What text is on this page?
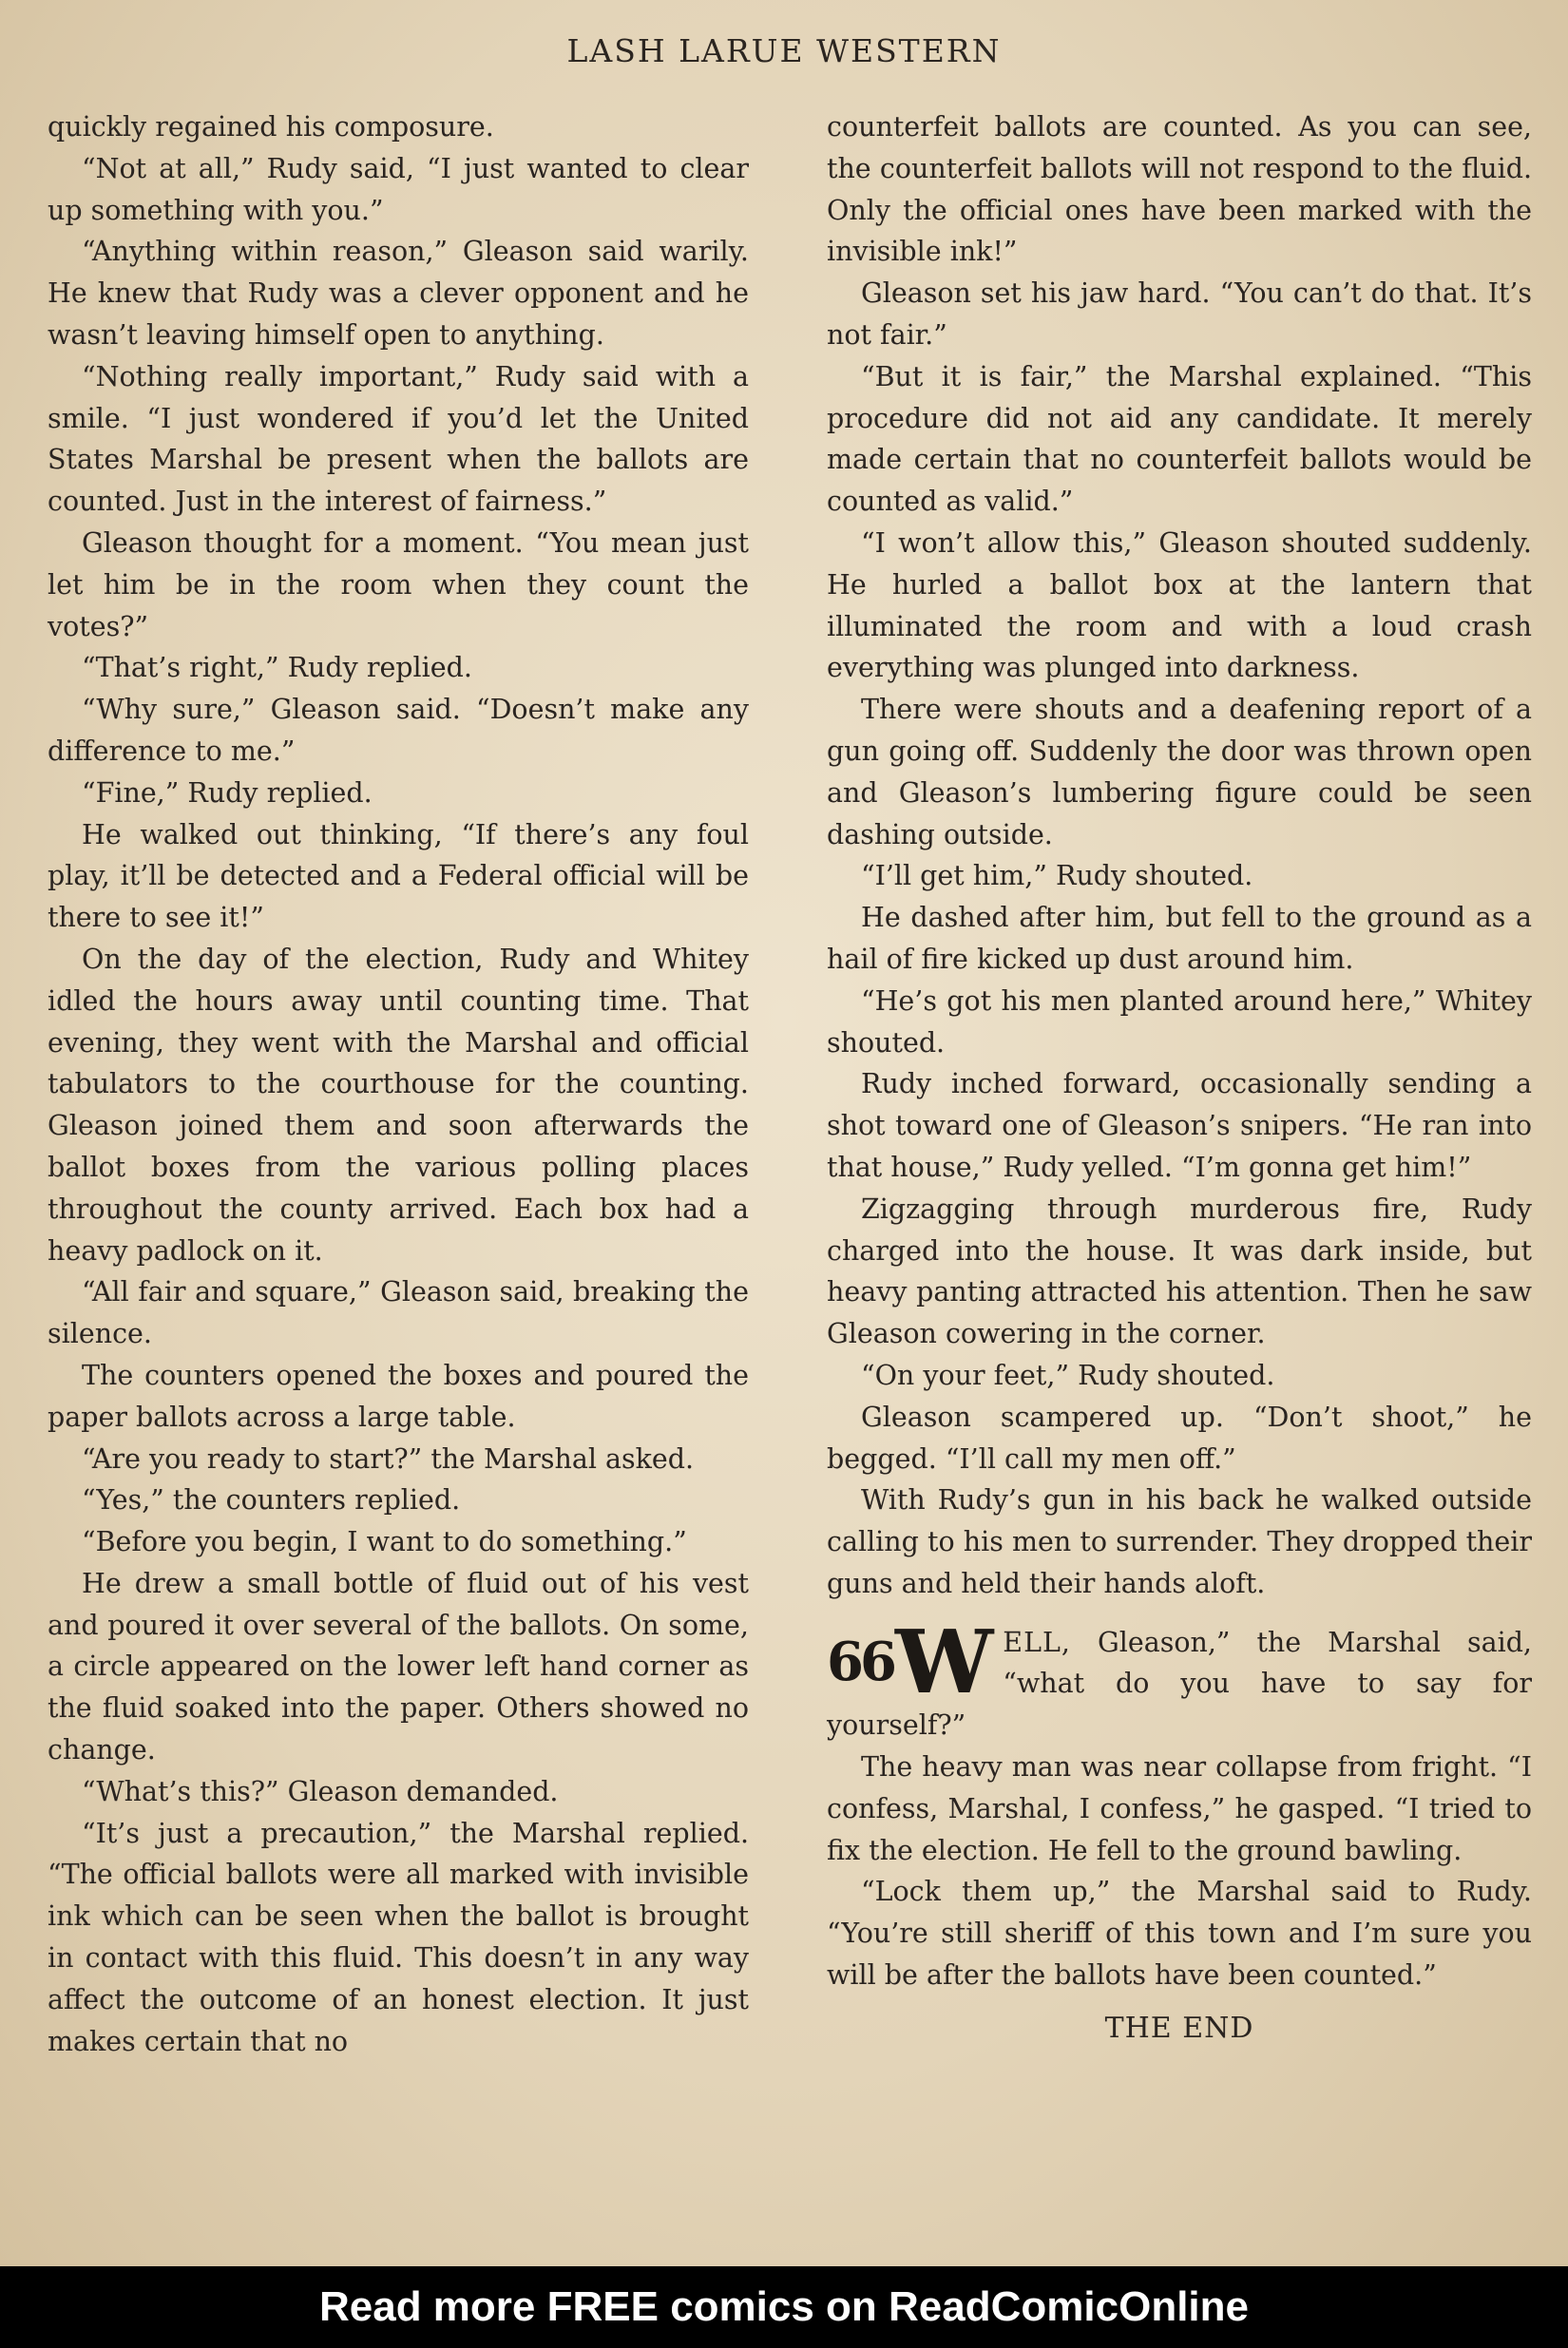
LASH LARUE WESTERN

quickly regained his composure.

“Not at all,” Rudy said, “I just wanted to clear up something with you.”

“Anything within reason,” Gleason said warily. He knew that Rudy was a clever opponent and he wasn’t leaving himself open to anything.

“Nothing really important,” Rudy said with a smile. “I just wondered if you’d let the United States Marshal be present when the ballots are counted. Just in the interest of fairness.”

Gleason thought for a moment. “You mean just let him be in the room when they count the votes?”

“That’s right,” Rudy replied.

“Why sure,” Gleason said. “Doesn’t make any difference to me.”

“Fine,” Rudy replied.

He walked out thinking, “If there’s any foul play, it’ll be detected and a Federal official will be there to see it!”

On the day of the election, Rudy and Whitey idled the hours away until counting time. That evening, they went with the Marshal and official tabulators to the courthouse for the counting. Gleason joined them and soon afterwards the ballot boxes from the various polling places throughout the county arrived. Each box had a heavy padlock on it.

“All fair and square,” Gleason said, breaking the silence.

The counters opened the boxes and poured the paper ballots across a large table.

“Are you ready to start?” the Marshal asked.

“Yes,” the counters replied.

“Before you begin, I want to do something.”

He drew a small bottle of fluid out of his vest and poured it over several of the ballots. On some, a circle appeared on the lower left hand corner as the fluid soaked into the paper. Others showed no change.

“What’s this?” Gleason demanded.

“It’s just a precaution,” the Marshal replied. “The official ballots were all marked with invisible ink which can be seen when the ballot is brought in contact with this fluid. This doesn’t in any way affect the outcome of an honest election. It just makes certain that no

counterfeit ballots are counted. As you can see, the counterfeit ballots will not respond to the fluid. Only the official ones have been marked with the invisible ink!”

Gleason set his jaw hard. “You can’t do that. It’s not fair.”

“But it is fair,” the Marshal explained. “This procedure did not aid any candidate. It merely made certain that no counterfeit ballots would be counted as valid.”

“I won’t allow this,” Gleason shouted suddenly. He hurled a ballot box at the lantern that illuminated the room and with a loud crash everything was plunged into darkness.

There were shouts and a deafening report of a gun going off. Suddenly the door was thrown open and Gleason’s lumbering figure could be seen dashing outside.

“I’ll get him,” Rudy shouted.

He dashed after him, but fell to the ground as a hail of fire kicked up dust around him.

“He’s got his men planted around here,” Whitey shouted.

Rudy inched forward, occasionally sending a shot toward one of Gleason’s snipers. “He ran into that house,” Rudy yelled. “I’m gonna get him!”

Zigzagging through murderous fire, Rudy charged into the house. It was dark inside, but heavy panting attracted his attention. Then he saw Gleason cowering in the corner.

“On your feet,” Rudy shouted.

Gleason scampered up. “Don’t shoot,” he begged. “I’ll call my men off.”

With Rudy’s gun in his back he walked outside calling to his men to surrender. They dropped their guns and held their hands aloft.

$^{66}$W ELL, Gleason,” the Marshal said, “what do you have to say for yourself?”

The heavy man was near collapse from fright. “I confess, Marshal, I confess,” he gasped. “I tried to fix the election. He fell to the ground bawling.

“Lock them up,” the Marshal said to Rudy. “You’re still sheriff of this town and I’m sure you will be after the ballots have been counted.”

THE END

Read more FREE comics on ReadComicOnline
